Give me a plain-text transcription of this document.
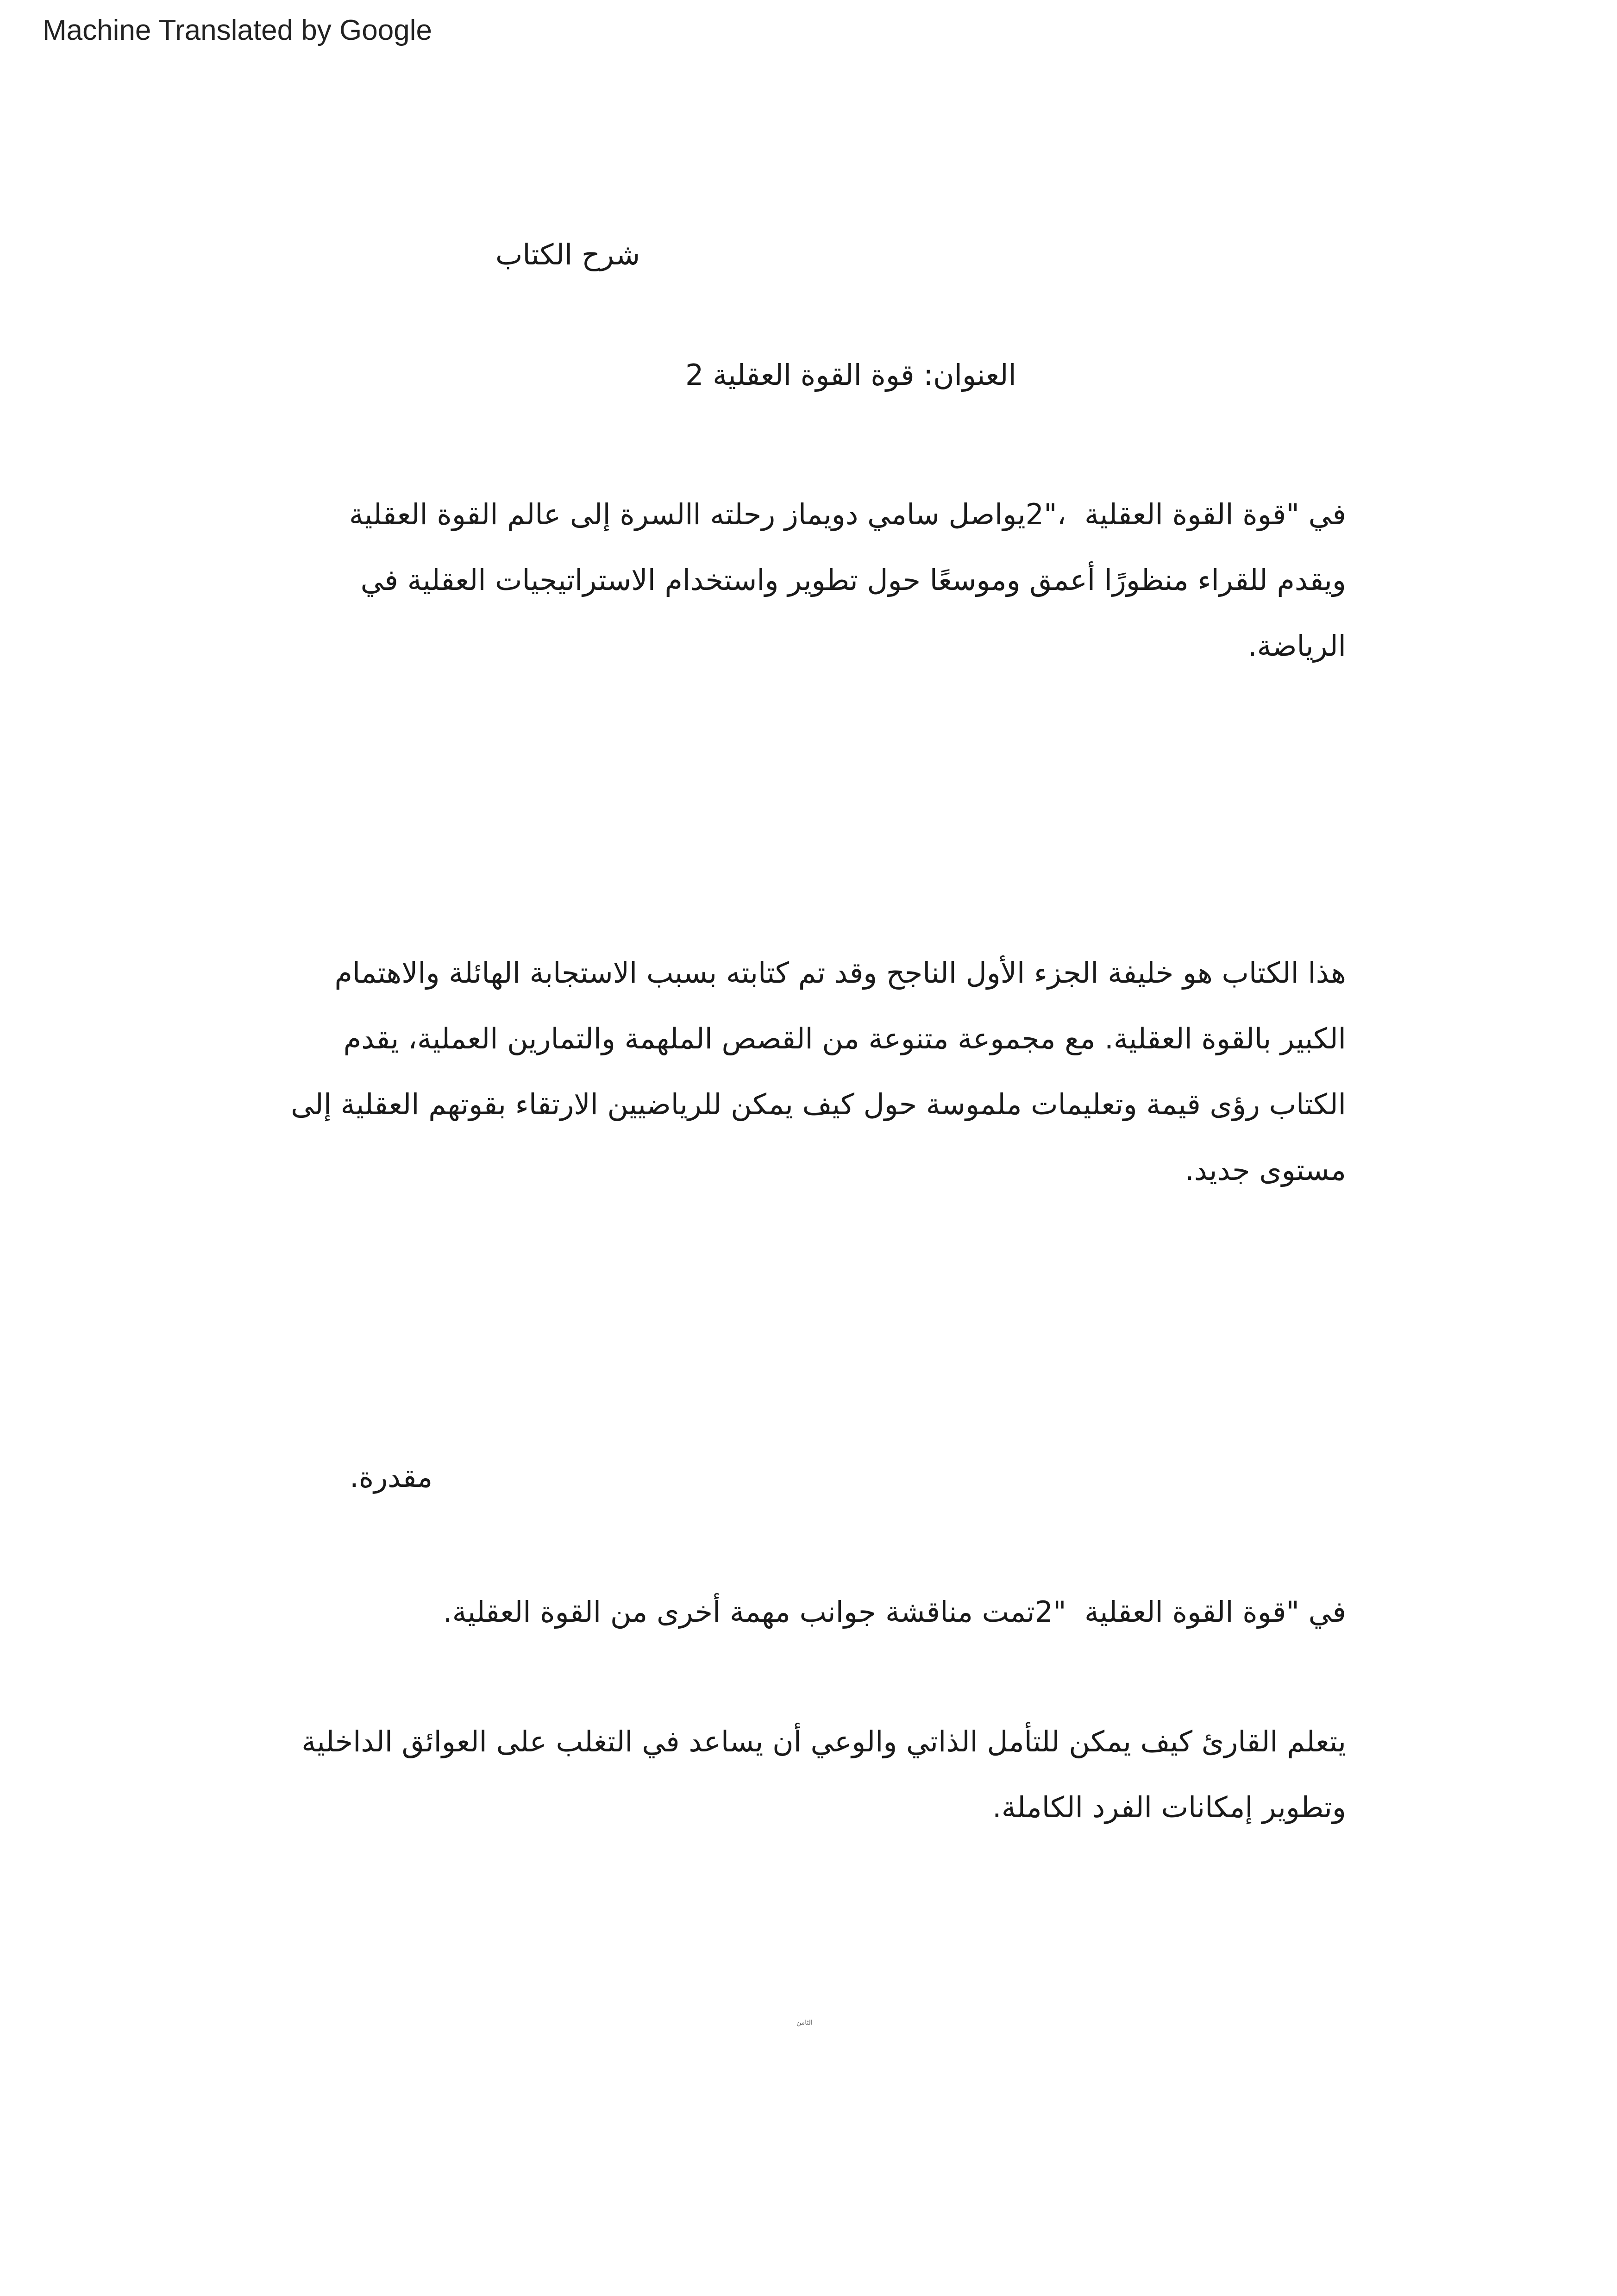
Machine Translated by Google
شرح الكتاب
العنوان: قوة القوة العقلية 2
في "قوة القوة العقلية  ،"2يواصل سامي دويماز رحلته االسرة إلى عالم القوة العقلية ويقدم للقراء منظورًا أعمق وموسعًا حول تطوير واستخدام الاستراتيجيات العقلية في الرياضة.
هذا الكتاب هو خليفة الجزء الأول الناجح وقد تم كتابته بسبب الاستجابة الهائلة والاهتمام الكبير بالقوة العقلية. مع مجموعة متنوعة من القصص الملهمة والتمارين العملية، يقدم الكتاب رؤى قيمة وتعليمات ملموسة حول كيف يمكن للرياضيين الارتقاء بقوتهم العقلية إلى مستوى جديد.
مقدرة.
في "قوة القوة العقلية  "2تمت مناقشة جوانب مهمة أخرى من القوة العقلية.
يتعلم القارئ كيف يمكن للتأمل الذاتي والوعي أن يساعد في التغلب على العوائق الداخلية وتطوير إمكانات الفرد الكاملة.
الثامن
